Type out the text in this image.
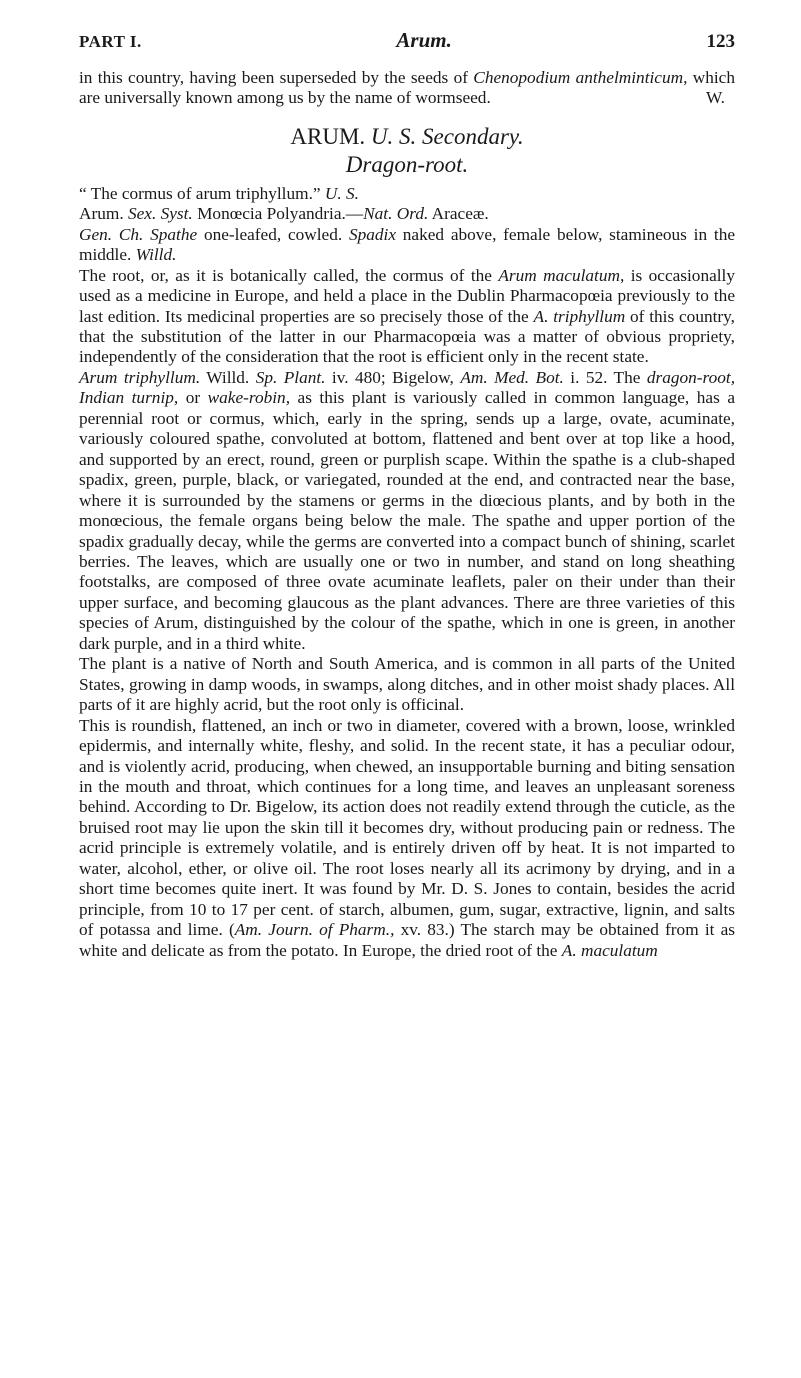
PART I.	Arum.	123

in this country, having been superseded by the seeds of Chenopodium anthelminticum, which are universally known among us by the name of wormseed.	W.

ARUM. U. S. Secondary.
Dragon-root.

“ The cormus of arum triphyllum.” U. S.

Arum. Sex. Syst. Monœcia Polyandria.—Nat. Ord. Araceæ.

Gen. Ch. Spathe one-leafed, cowled. Spadix naked above, female below, stamineous in the middle. Willd.

The root, or, as it is botanically called, the cormus of the Arum maculatum, is occasionally used as a medicine in Europe, and held a place in the Dublin Pharmacopœia previously to the last edition. Its medicinal properties are so precisely those of the A. triphyllum of this country, that the substitution of the latter in our Pharmacopœia was a matter of obvious propriety, independently of the consideration that the root is efficient only in the recent state.

Arum triphyllum. Willd. Sp. Plant. iv. 480; Bigelow, Am. Med. Bot. i. 52. The dragon-root, Indian turnip, or wake-robin, as this plant is variously called in common language, has a perennial root or cormus, which, early in the spring, sends up a large, ovate, acuminate, variously coloured spathe, convoluted at bottom, flattened and bent over at top like a hood, and supported by an erect, round, green or purplish scape. Within the spathe is a club-shaped spadix, green, purple, black, or variegated, rounded at the end, and contracted near the base, where it is surrounded by the stamens or germs in the diœcious plants, and by both in the monœcious, the female organs being below the male. The spathe and upper portion of the spadix gradually decay, while the germs are converted into a compact bunch of shining, scarlet berries. The leaves, which are usually one or two in number, and stand on long sheathing footstalks, are composed of three ovate acuminate leaflets, paler on their under than their upper surface, and becoming glaucous as the plant advances. There are three varieties of this species of Arum, distinguished by the colour of the spathe, which in one is green, in another dark purple, and in a third white.

The plant is a native of North and South America, and is common in all parts of the United States, growing in damp woods, in swamps, along ditches, and in other moist shady places. All parts of it are highly acrid, but the root only is officinal.

This is roundish, flattened, an inch or two in diameter, covered with a brown, loose, wrinkled epidermis, and internally white, fleshy, and solid. In the recent state, it has a peculiar odour, and is violently acrid, producing, when chewed, an insupportable burning and biting sensation in the mouth and throat, which continues for a long time, and leaves an unpleasant soreness behind. According to Dr. Bigelow, its action does not readily extend through the cuticle, as the bruised root may lie upon the skin till it becomes dry, without producing pain or redness. The acrid principle is extremely volatile, and is entirely driven off by heat. It is not imparted to water, alcohol, ether, or olive oil. The root loses nearly all its acrimony by drying, and in a short time becomes quite inert. It was found by Mr. D. S. Jones to contain, besides the acrid principle, from 10 to 17 per cent. of starch, albumen, gum, sugar, extractive, lignin, and salts of potassa and lime. (Am. Journ. of Pharm., xv. 83.) The starch may be obtained from it as white and delicate as from the potato. In Europe, the dried root of the A. maculatum
